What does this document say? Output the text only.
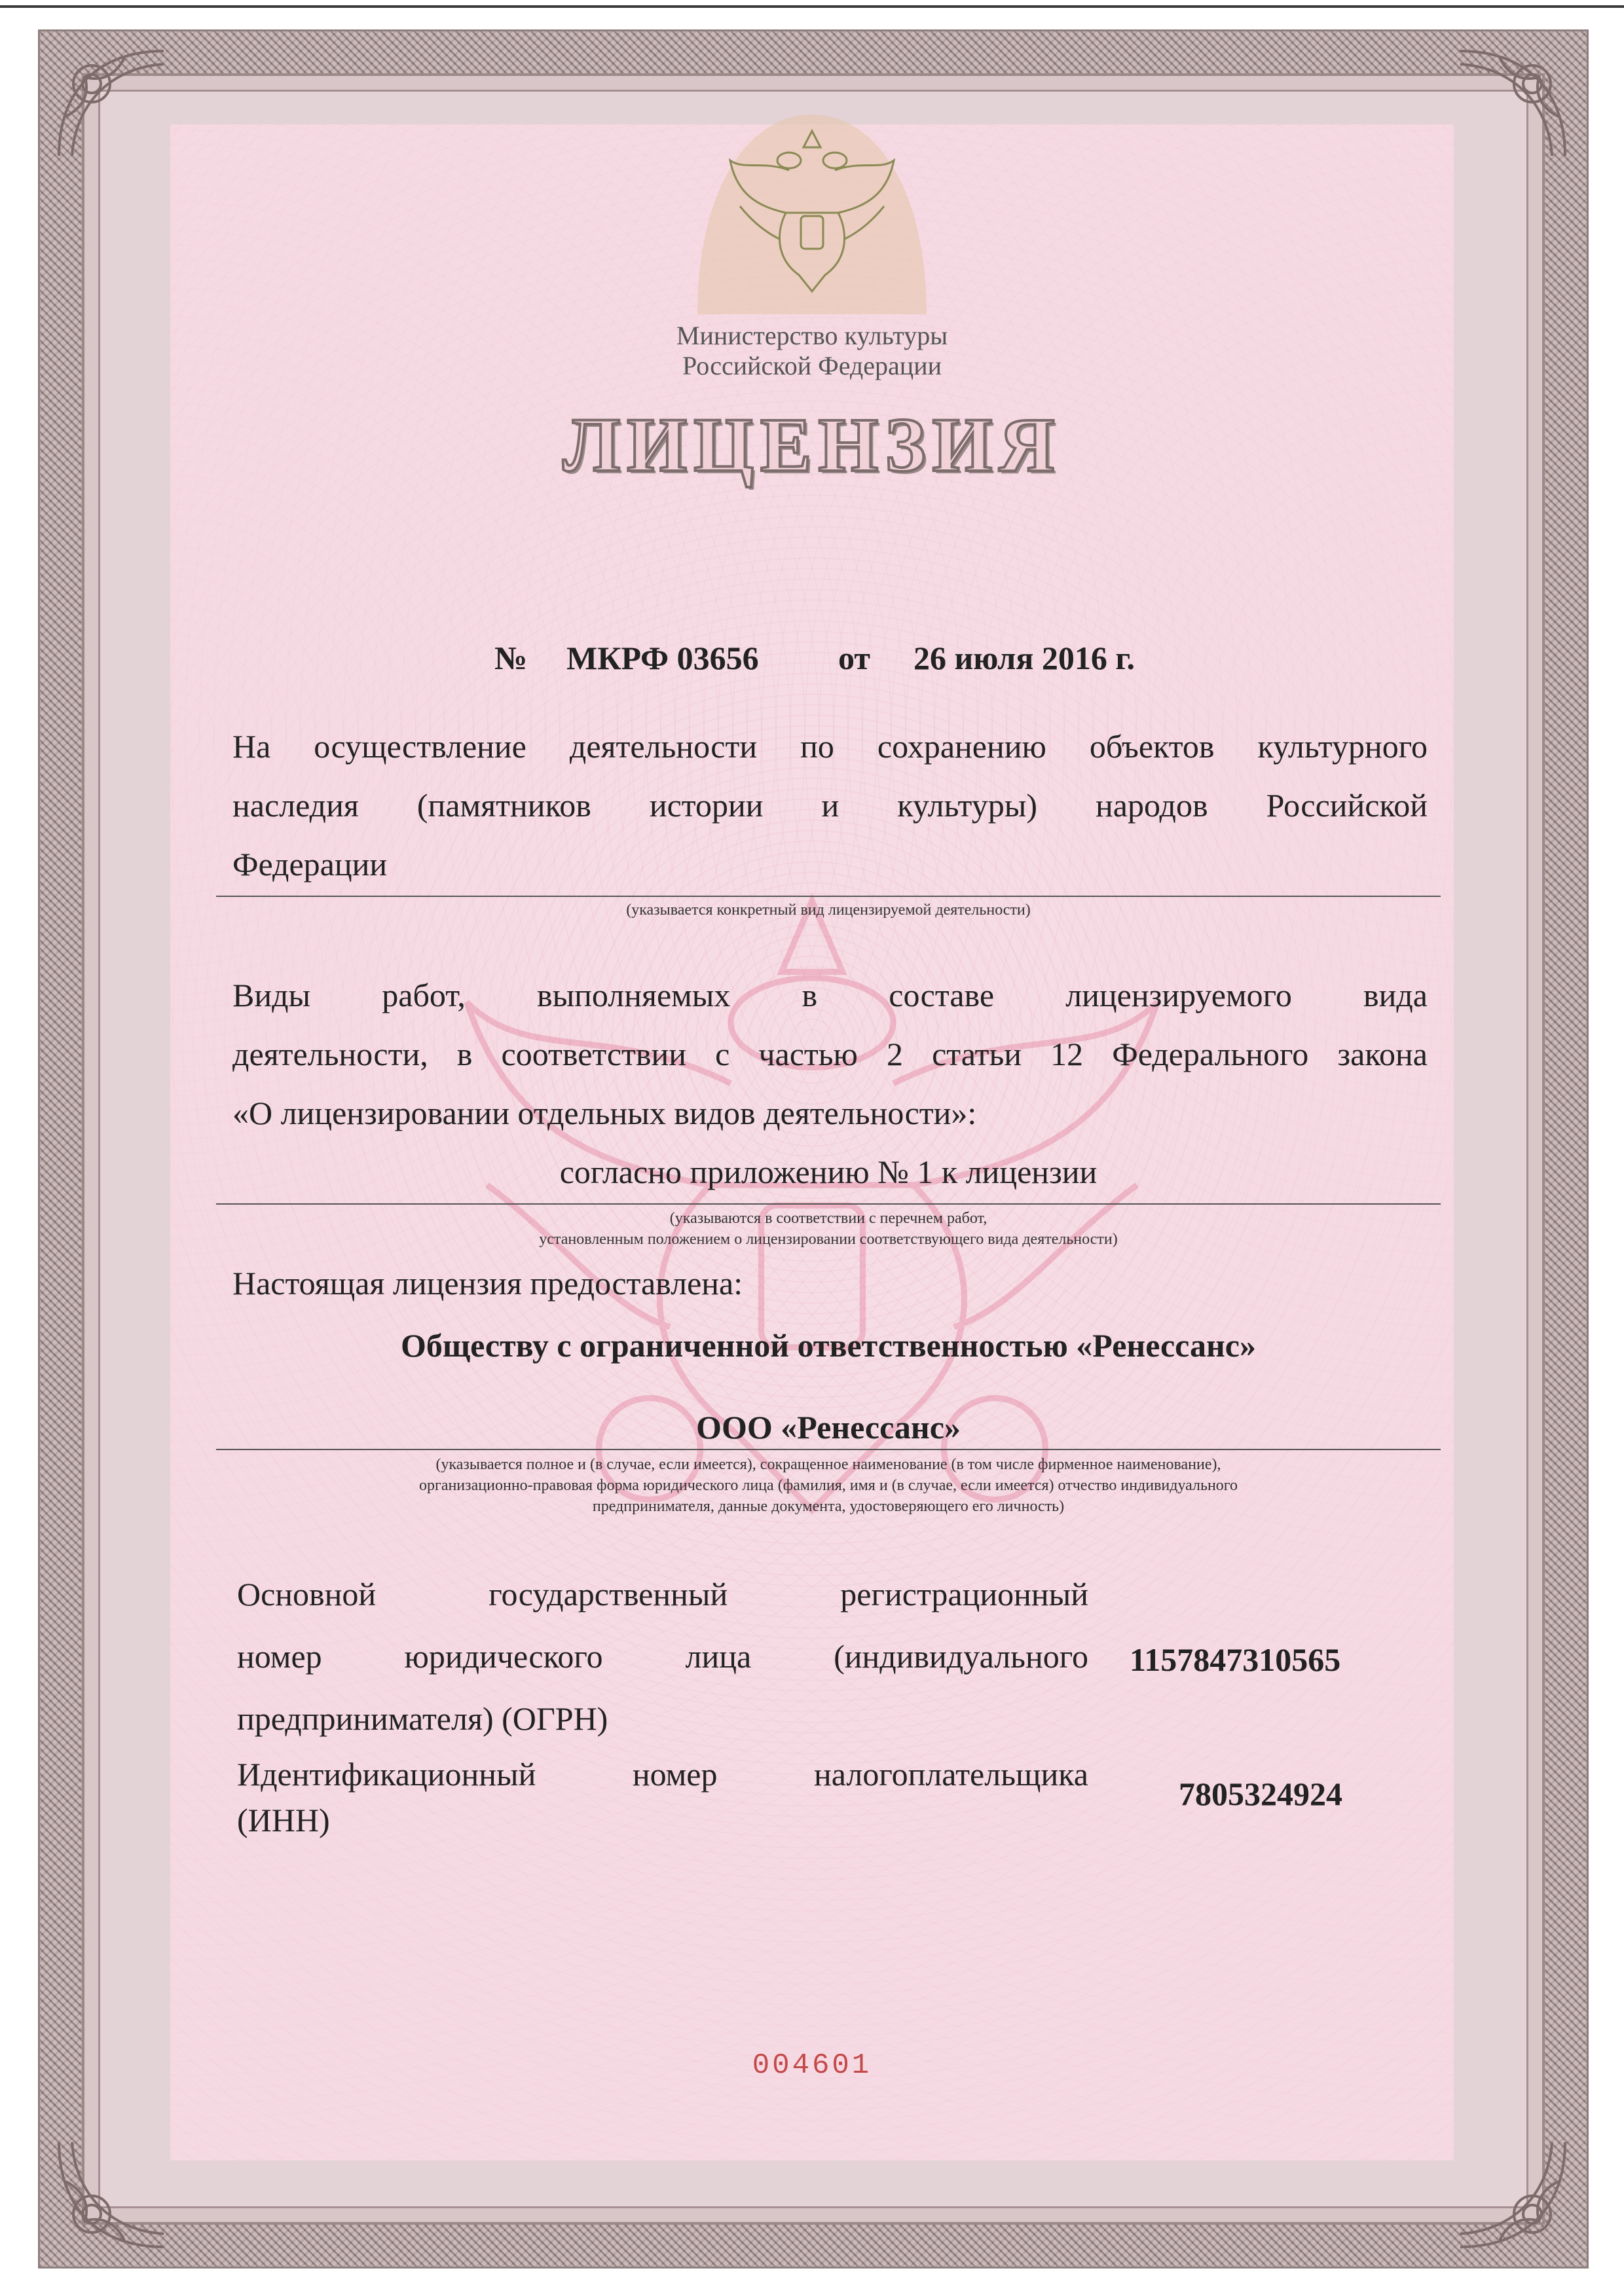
Министерство культуры
Российской Федерации
ЛИЦЕНЗИЯ
№ МКРФ 03656 от 26 июля 2016 г.
На осуществление деятельности по сохранению объектов культурного
наследия (памятников истории и культуры) народов Российской
Федерации
(указывается конкретный вид лицензируемой деятельности)
Виды работ, выполняемых в составе лицензируемого вида
деятельности, в соответствии с частью 2 статьи 12 Федерального закона
«О лицензировании отдельных видов деятельности»:
согласно приложению № 1 к лицензии
(указываются в соответствии с перечнем работ,
установленным положением о лицензировании соответствующего вида деятельности)
Настоящая лицензия предоставлена:
Обществу с ограниченной ответственностью «Ренессанс»
ООО «Ренессанс»
(указывается полное и (в случае, если имеется), сокращенное наименование (в том числе фирменное наименование),
организационно-правовая форма юридического лица (фамилия, имя и (в случае, если имеется) отчество индивидуального
предпринимателя, данные документа, удостоверяющего его личность)
Основной государственный регистрационный
номер юридического лица (индивидуального
предпринимателя) (ОГРН)
1157847310565
Идентификационный номер налогоплательщика
(ИНН)
7805324924
004601
